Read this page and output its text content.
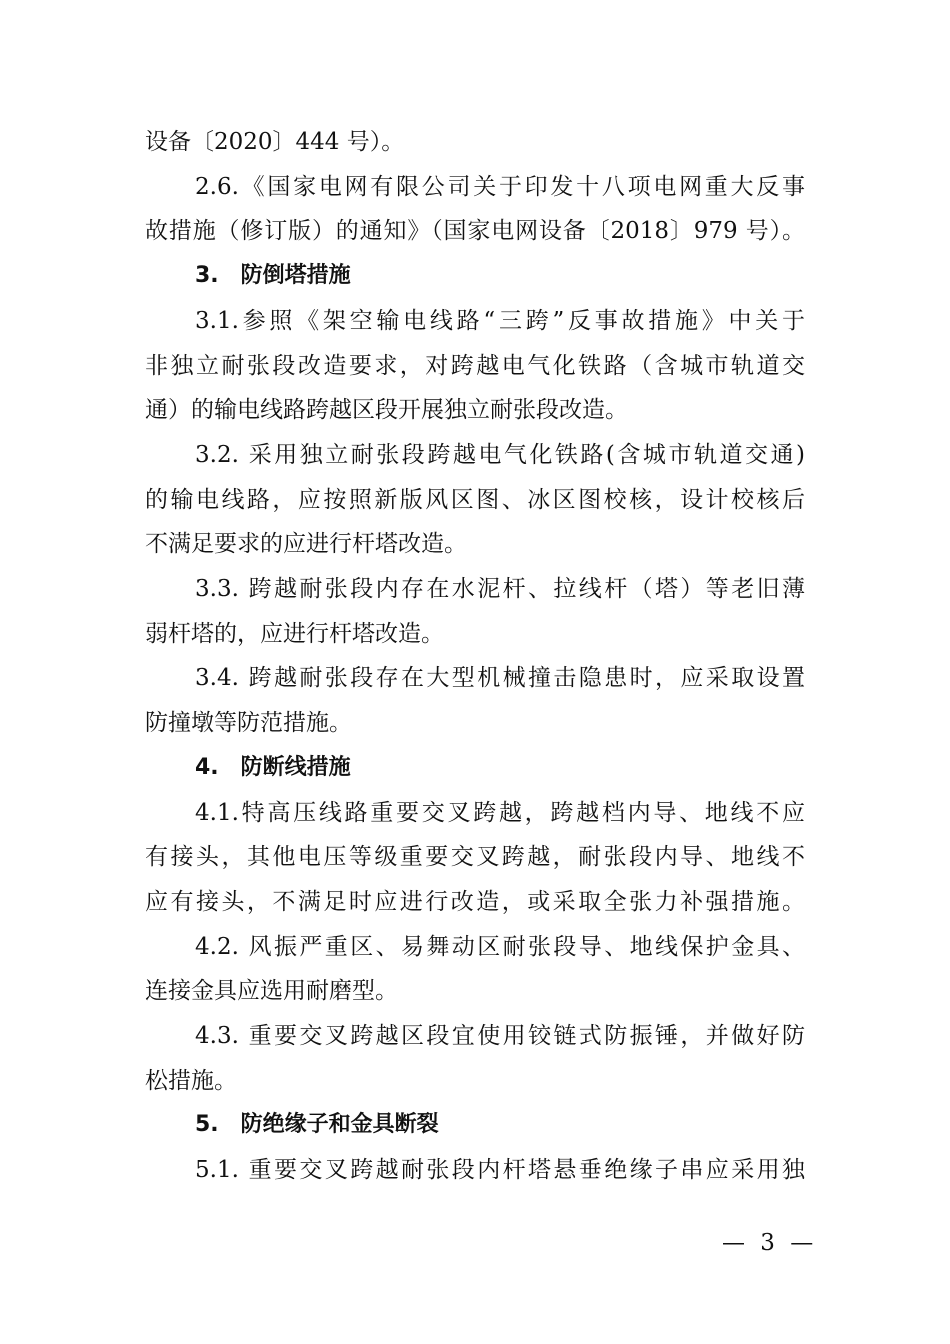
设备〔2020〕444 号）。
2.6.《国家电网有限公司关于印发十八项电网重大反事
故措施（修订版）的通知》（国家电网设备〔2018〕979 号）。
3.　防倒塔措施
3.1.参照《架空输电线路“三跨”反事故措施》中关于
非独立耐张段改造要求，对跨越电气化铁路（含城市轨道交
通）的输电线路跨越区段开展独立耐张段改造。
3.2. 采用独立耐张段跨越电气化铁路(含城市轨道交通)
的输电线路，应按照新版风区图、冰区图校核，设计校核后
不满足要求的应进行杆塔改造。
3.3. 跨越耐张段内存在水泥杆、拉线杆（塔）等老旧薄
弱杆塔的，应进行杆塔改造。
3.4. 跨越耐张段存在大型机械撞击隐患时，应采取设置
防撞墩等防范措施。
4.　防断线措施
4.1.特高压线路重要交叉跨越，跨越档内导、地线不应
有接头，其他电压等级重要交叉跨越，耐张段内导、地线不
应有接头，不满足时应进行改造，或采取全张力补强措施。
4.2. 风振严重区、易舞动区耐张段导、地线保护金具、
连接金具应选用耐磨型。
4.3. 重要交叉跨越区段宜使用铰链式防振锤，并做好防
松措施。
5.　防绝缘子和金具断裂
5.1. 重要交叉跨越耐张段内杆塔悬垂绝缘子串应采用独
— 3 —
